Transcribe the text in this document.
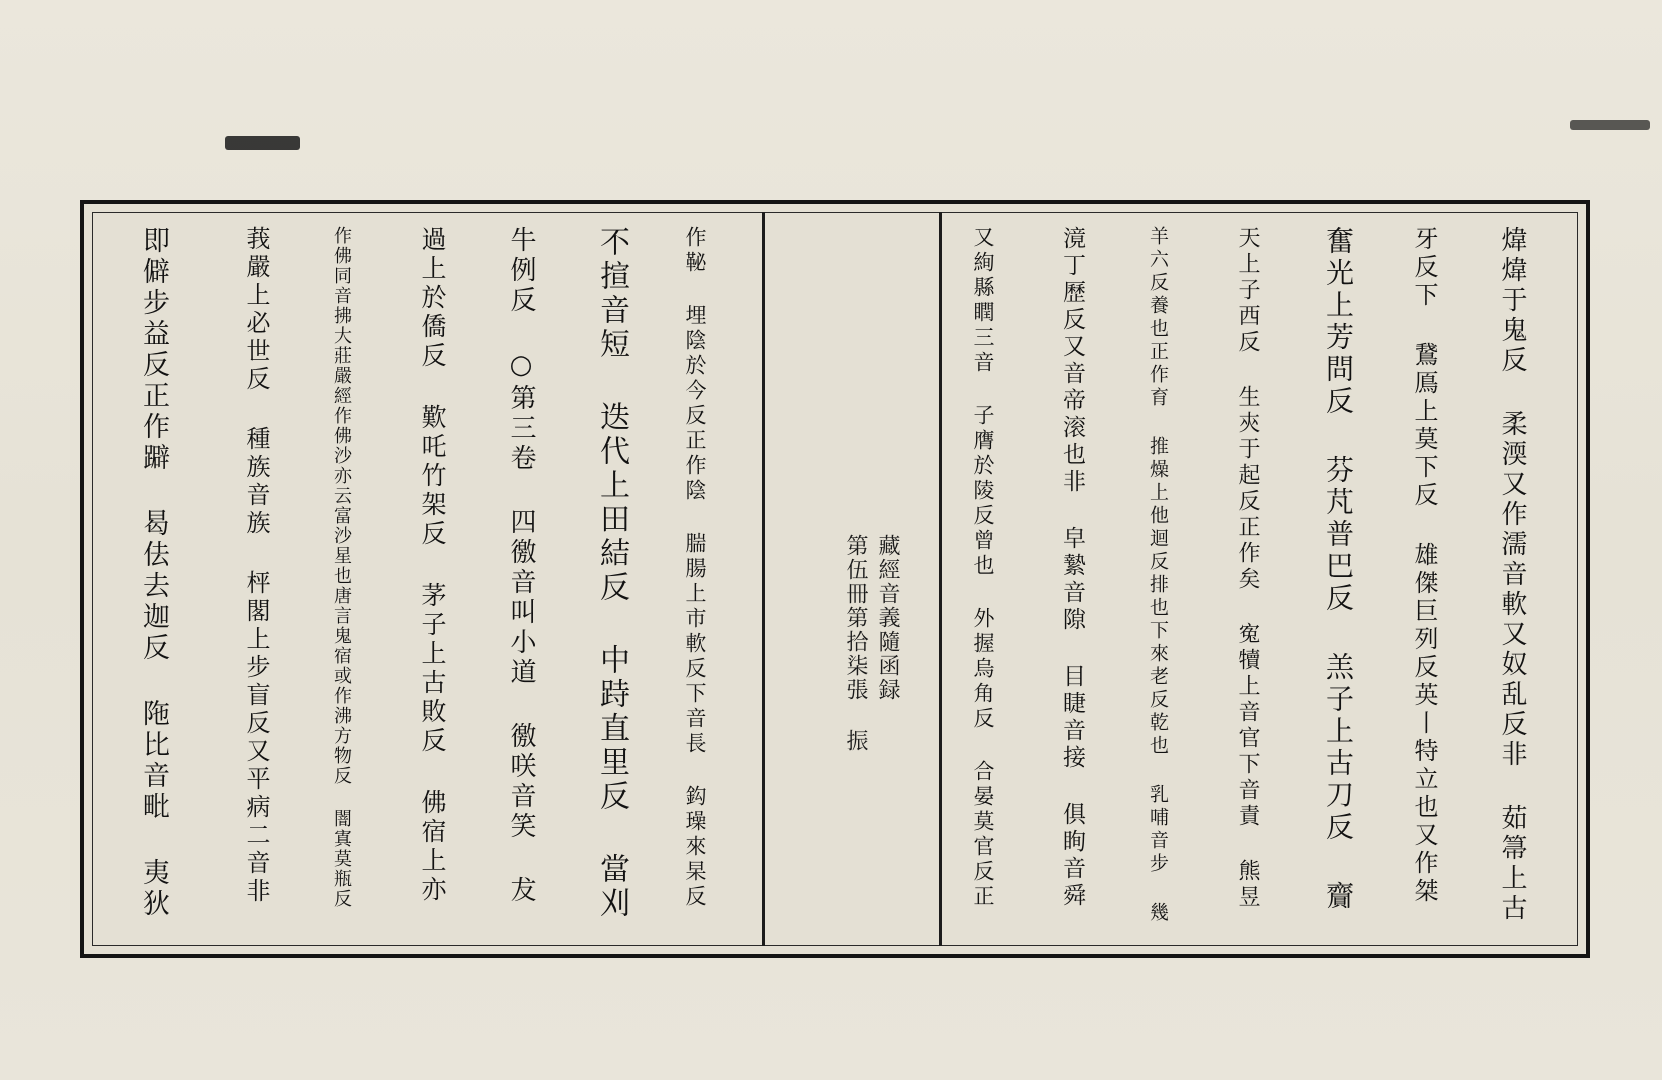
煒煒于鬼反 柔渜又作濡音軟又奴乱反非 茹箒上古
牙反下 鵞鳫上莫下反 雄傑巨列反英丨特立也又作桀
奮光上芳問反 芬芃普巴反 羔子上古刀反 齎
天上子西反 生㚒于起反正作矣 寃犢上音官下音責 熊昱
羊六反養也正作育 推燥上他迴反排也下來老反乾也 乳哺音步 幾
滰丁歷反又音帝滚也非 皁縶音隙 目睫音接 俱眴音舜
又絢縣瞤三音 子膺於陵反曾也 外握烏角反 合晏莫官反正
藏經音義隨函録
第伍冊第拾柒張 振
作䩛 埋陰於今反正作陰 腨腸上市軟反下音長 鈎璪來杲反
不揎音短 迭代上田結反 中跱直里反 當刈
牛例反 ○第三卷 四徼音叫小道 徼咲音笑 犮
過上於僑反 歎吒竹架反 茅子上古敗反 佛宿上亦
作佛同音拂大莊嚴經作佛沙亦云富沙星也唐言鬼宿或作沸方物反 闇寘莫瓶反
莪嚴上必世反 種族音族 枰閣上步盲反又平病二音非
即僻步益反正作躃 曷佉去迦反 陁比音毗 夷狄
